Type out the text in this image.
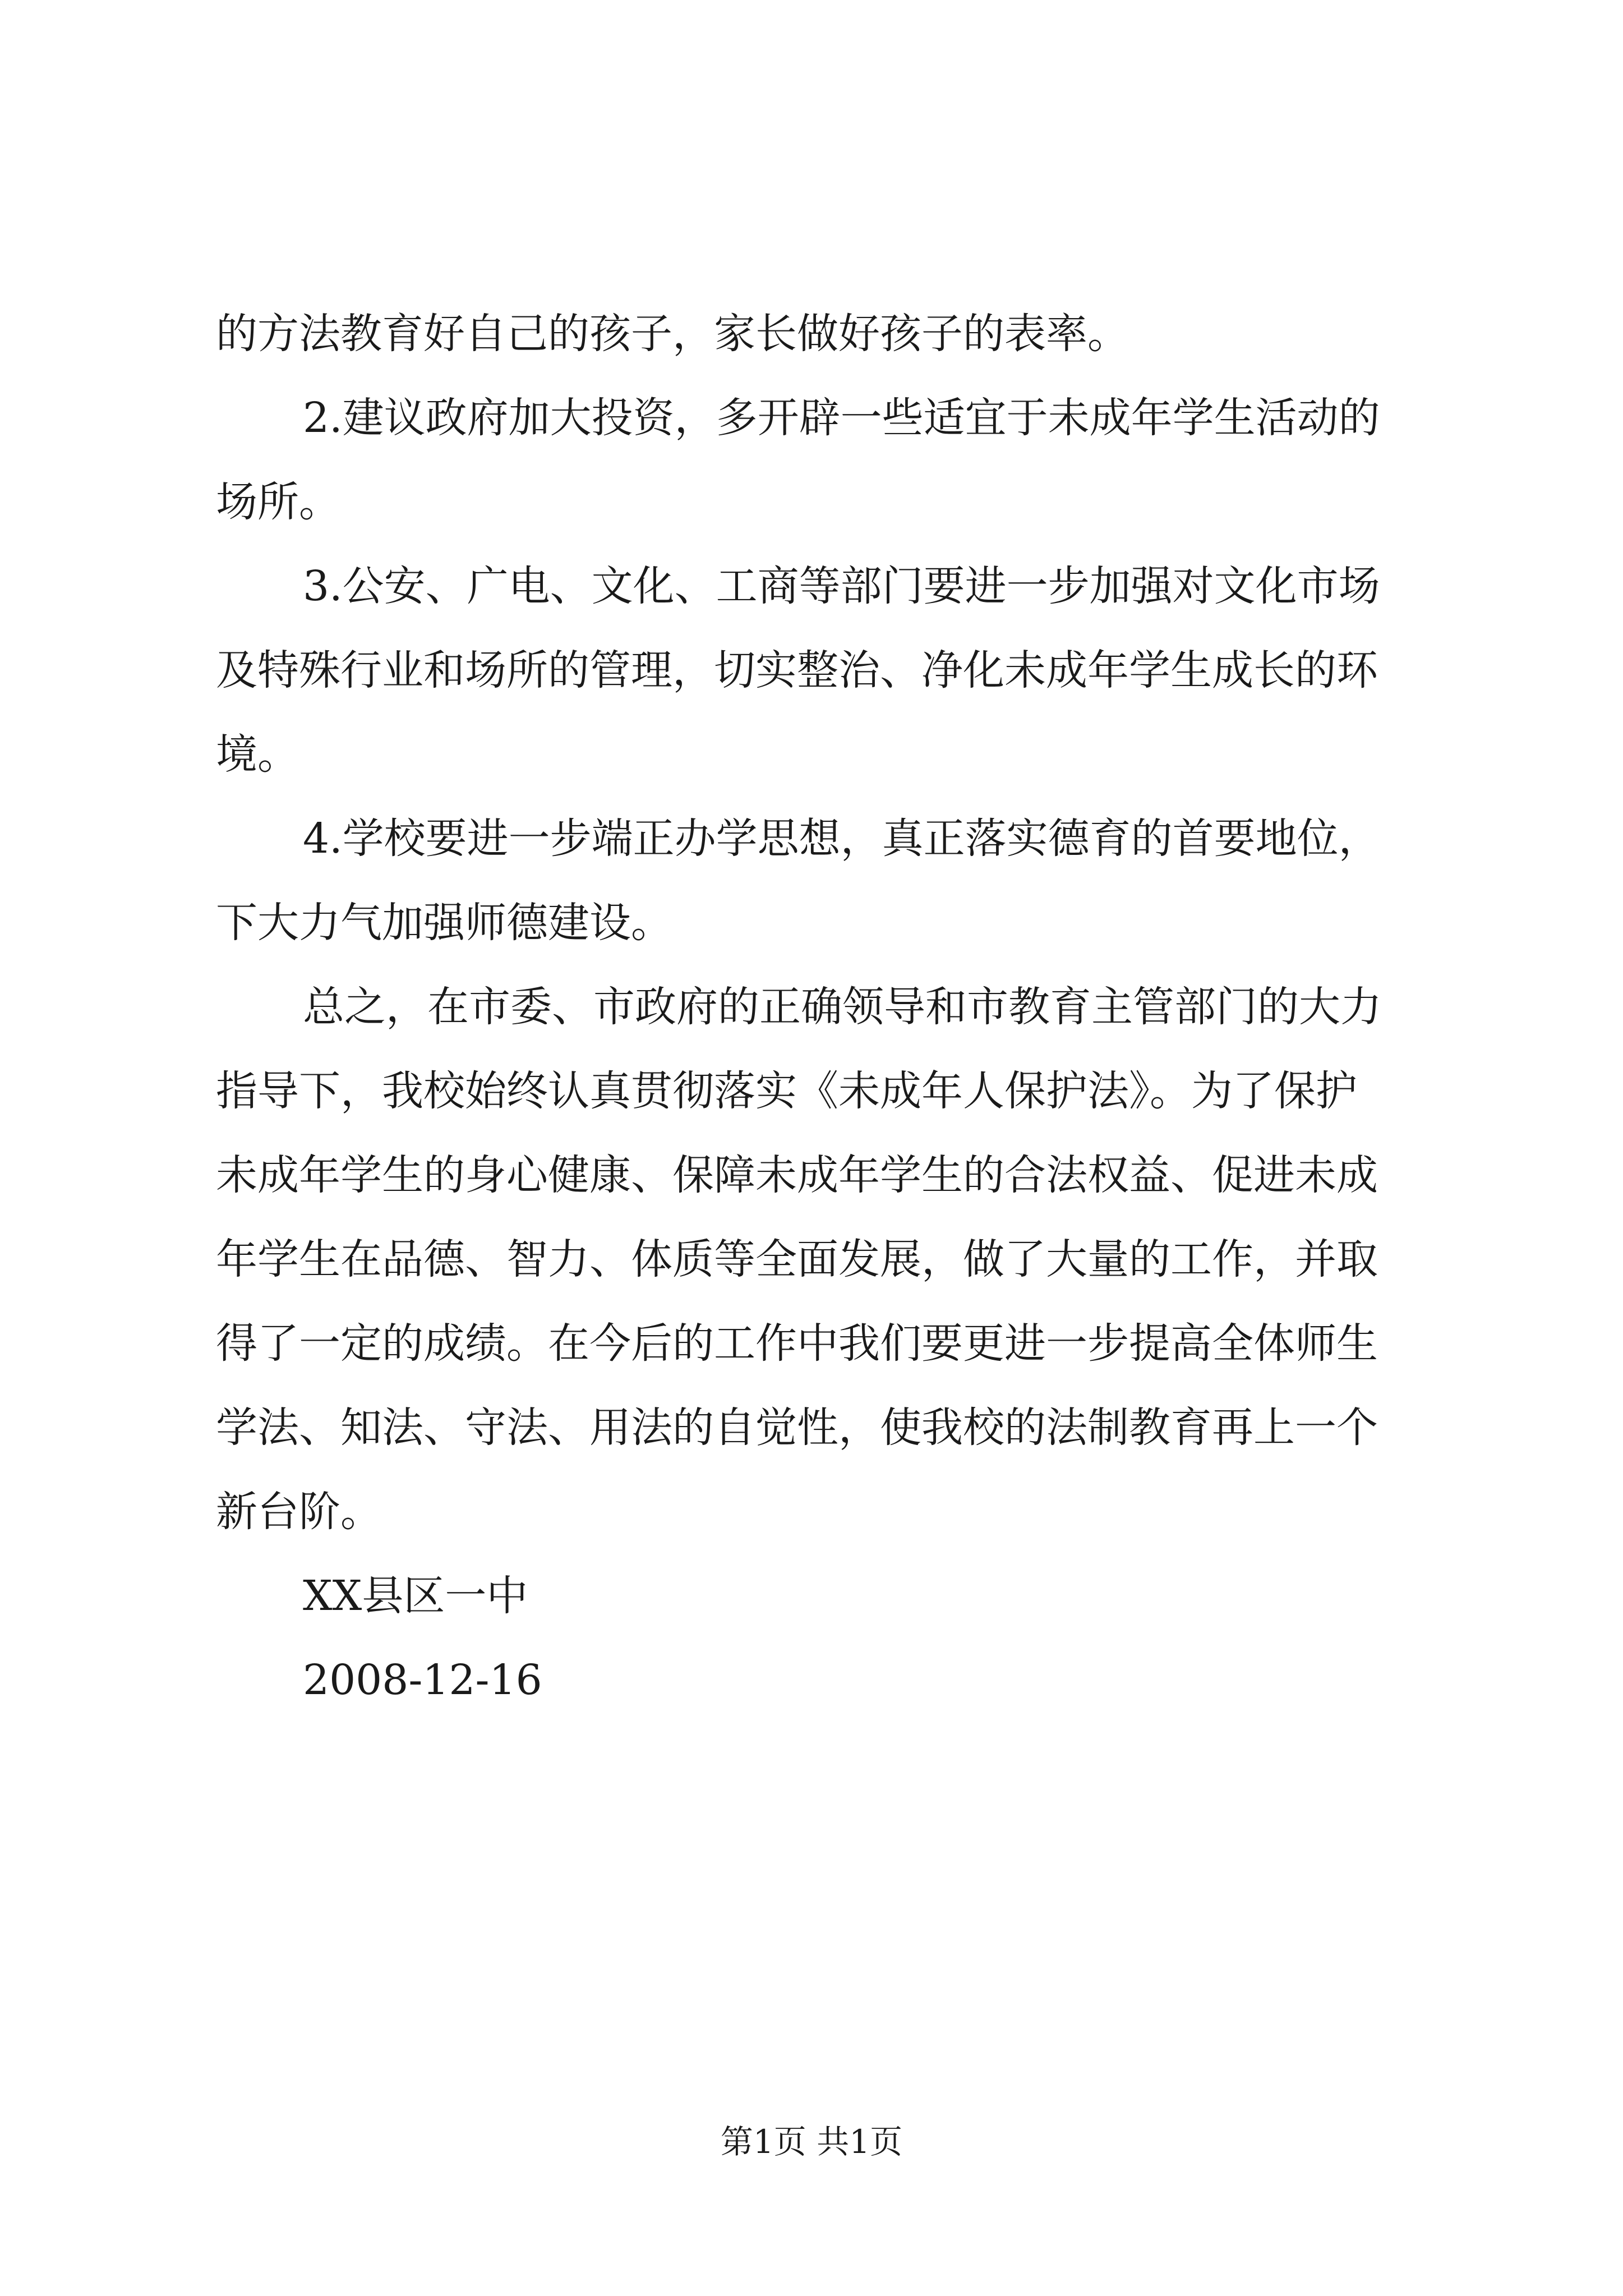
的方法教育好自己的孩子，家长做好孩子的表率。

2.建议政府加大投资，多开辟一些适宜于未成年学生活动的

场所。

3.公安、广电、文化、工商等部门要进一步加强对文化市场

及特殊行业和场所的管理，切实整治、净化未成年学生成长的环

境。

4.学校要进一步端正办学思想，真正落实德育的首要地位，

下大力气加强师德建设。

总之，在市委、市政府的正确领导和市教育主管部门的大力

指导下，我校始终认真贯彻落实《未成年人保护法》。为了保护

未成年学生的身心健康、保障未成年学生的合法权益、促进未成

年学生在品德、智力、体质等全面发展，做了大量的工作，并取

得了一定的成绩。在今后的工作中我们要更进一步提高全体师生

学法、知法、守法、用法的自觉性，使我校的法制教育再上一个

新台阶。

XX县区一中

2008-12-16

第1页 共1页
